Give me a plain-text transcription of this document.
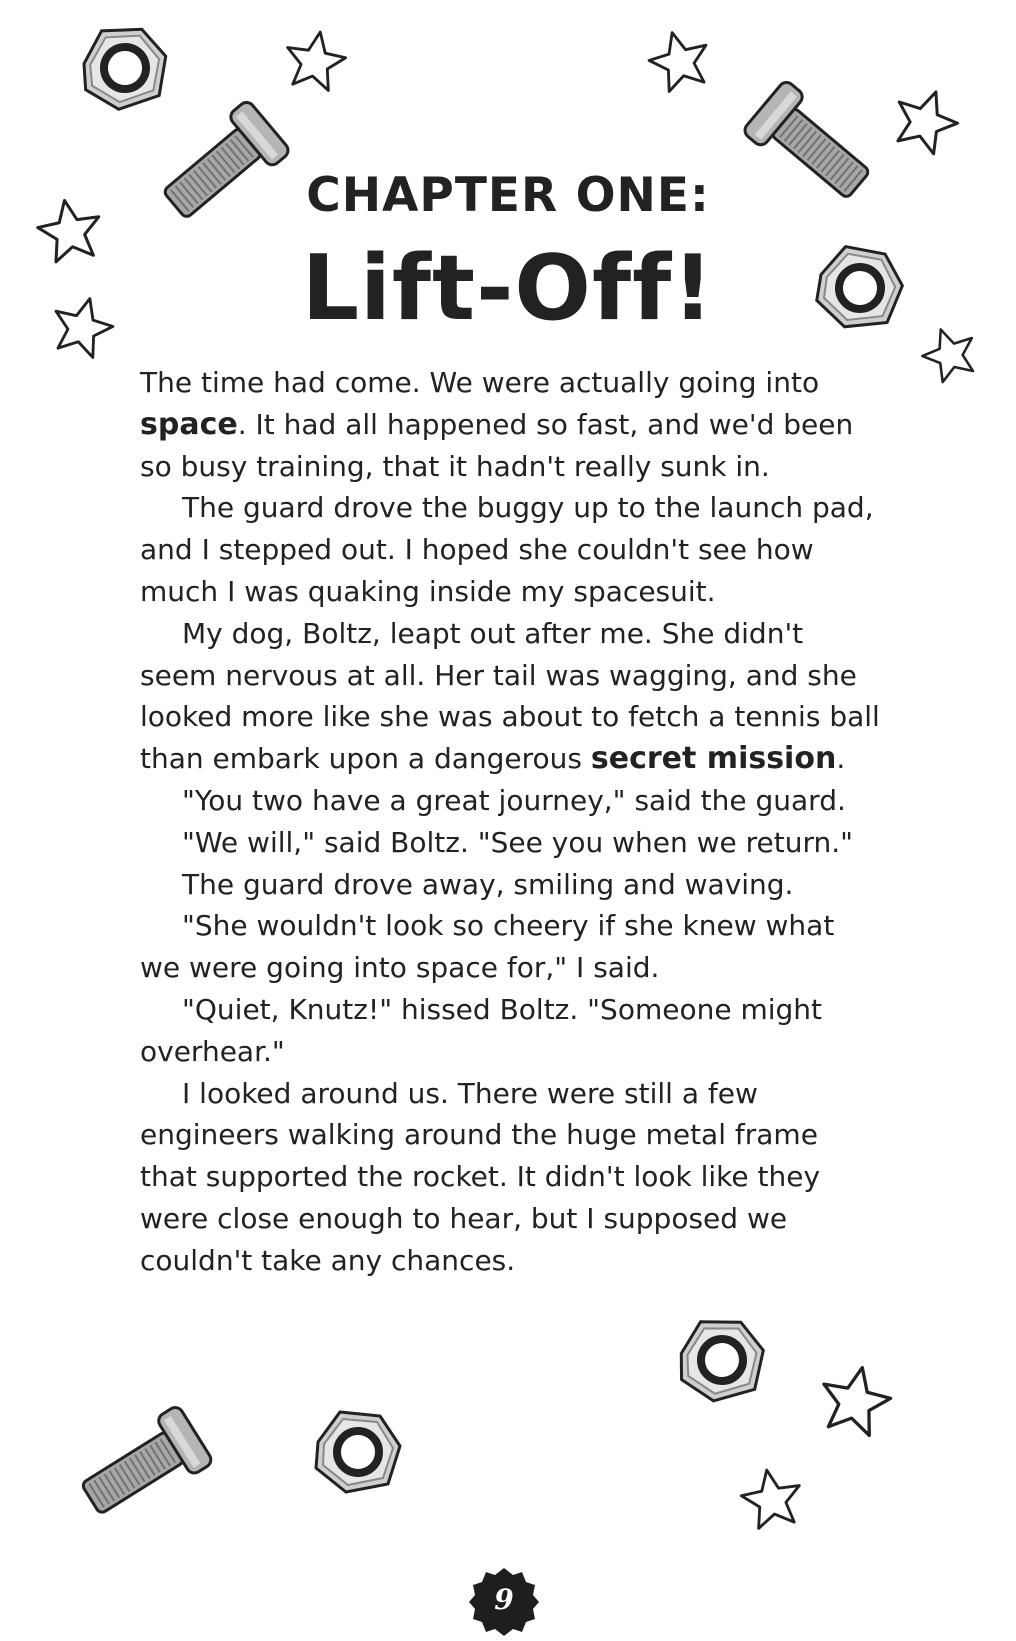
CHAPTER ONE:
Lift-Off!

The time had come. We were actually going into space. It had all happened so fast, and we'd been so busy training, that it hadn't really sunk in.

The guard drove the buggy up to the launch pad, and I stepped out. I hoped she couldn't see how much I was quaking inside my spacesuit.

My dog, Boltz, leapt out after me. She didn't seem nervous at all. Her tail was wagging, and she looked more like she was about to fetch a tennis ball than embark upon a dangerous secret mission.

"You two have a great journey," said the guard.

"We will," said Boltz. "See you when we return."

The guard drove away, smiling and waving.

"She wouldn't look so cheery if she knew what we were going into space for," I said.

"Quiet, Knutz!" hissed Boltz. "Someone might overhear."

I looked around us. There were still a few engineers walking around the huge metal frame that supported the rocket. It didn't look like they were close enough to hear, but I supposed we couldn't take any chances.

9
